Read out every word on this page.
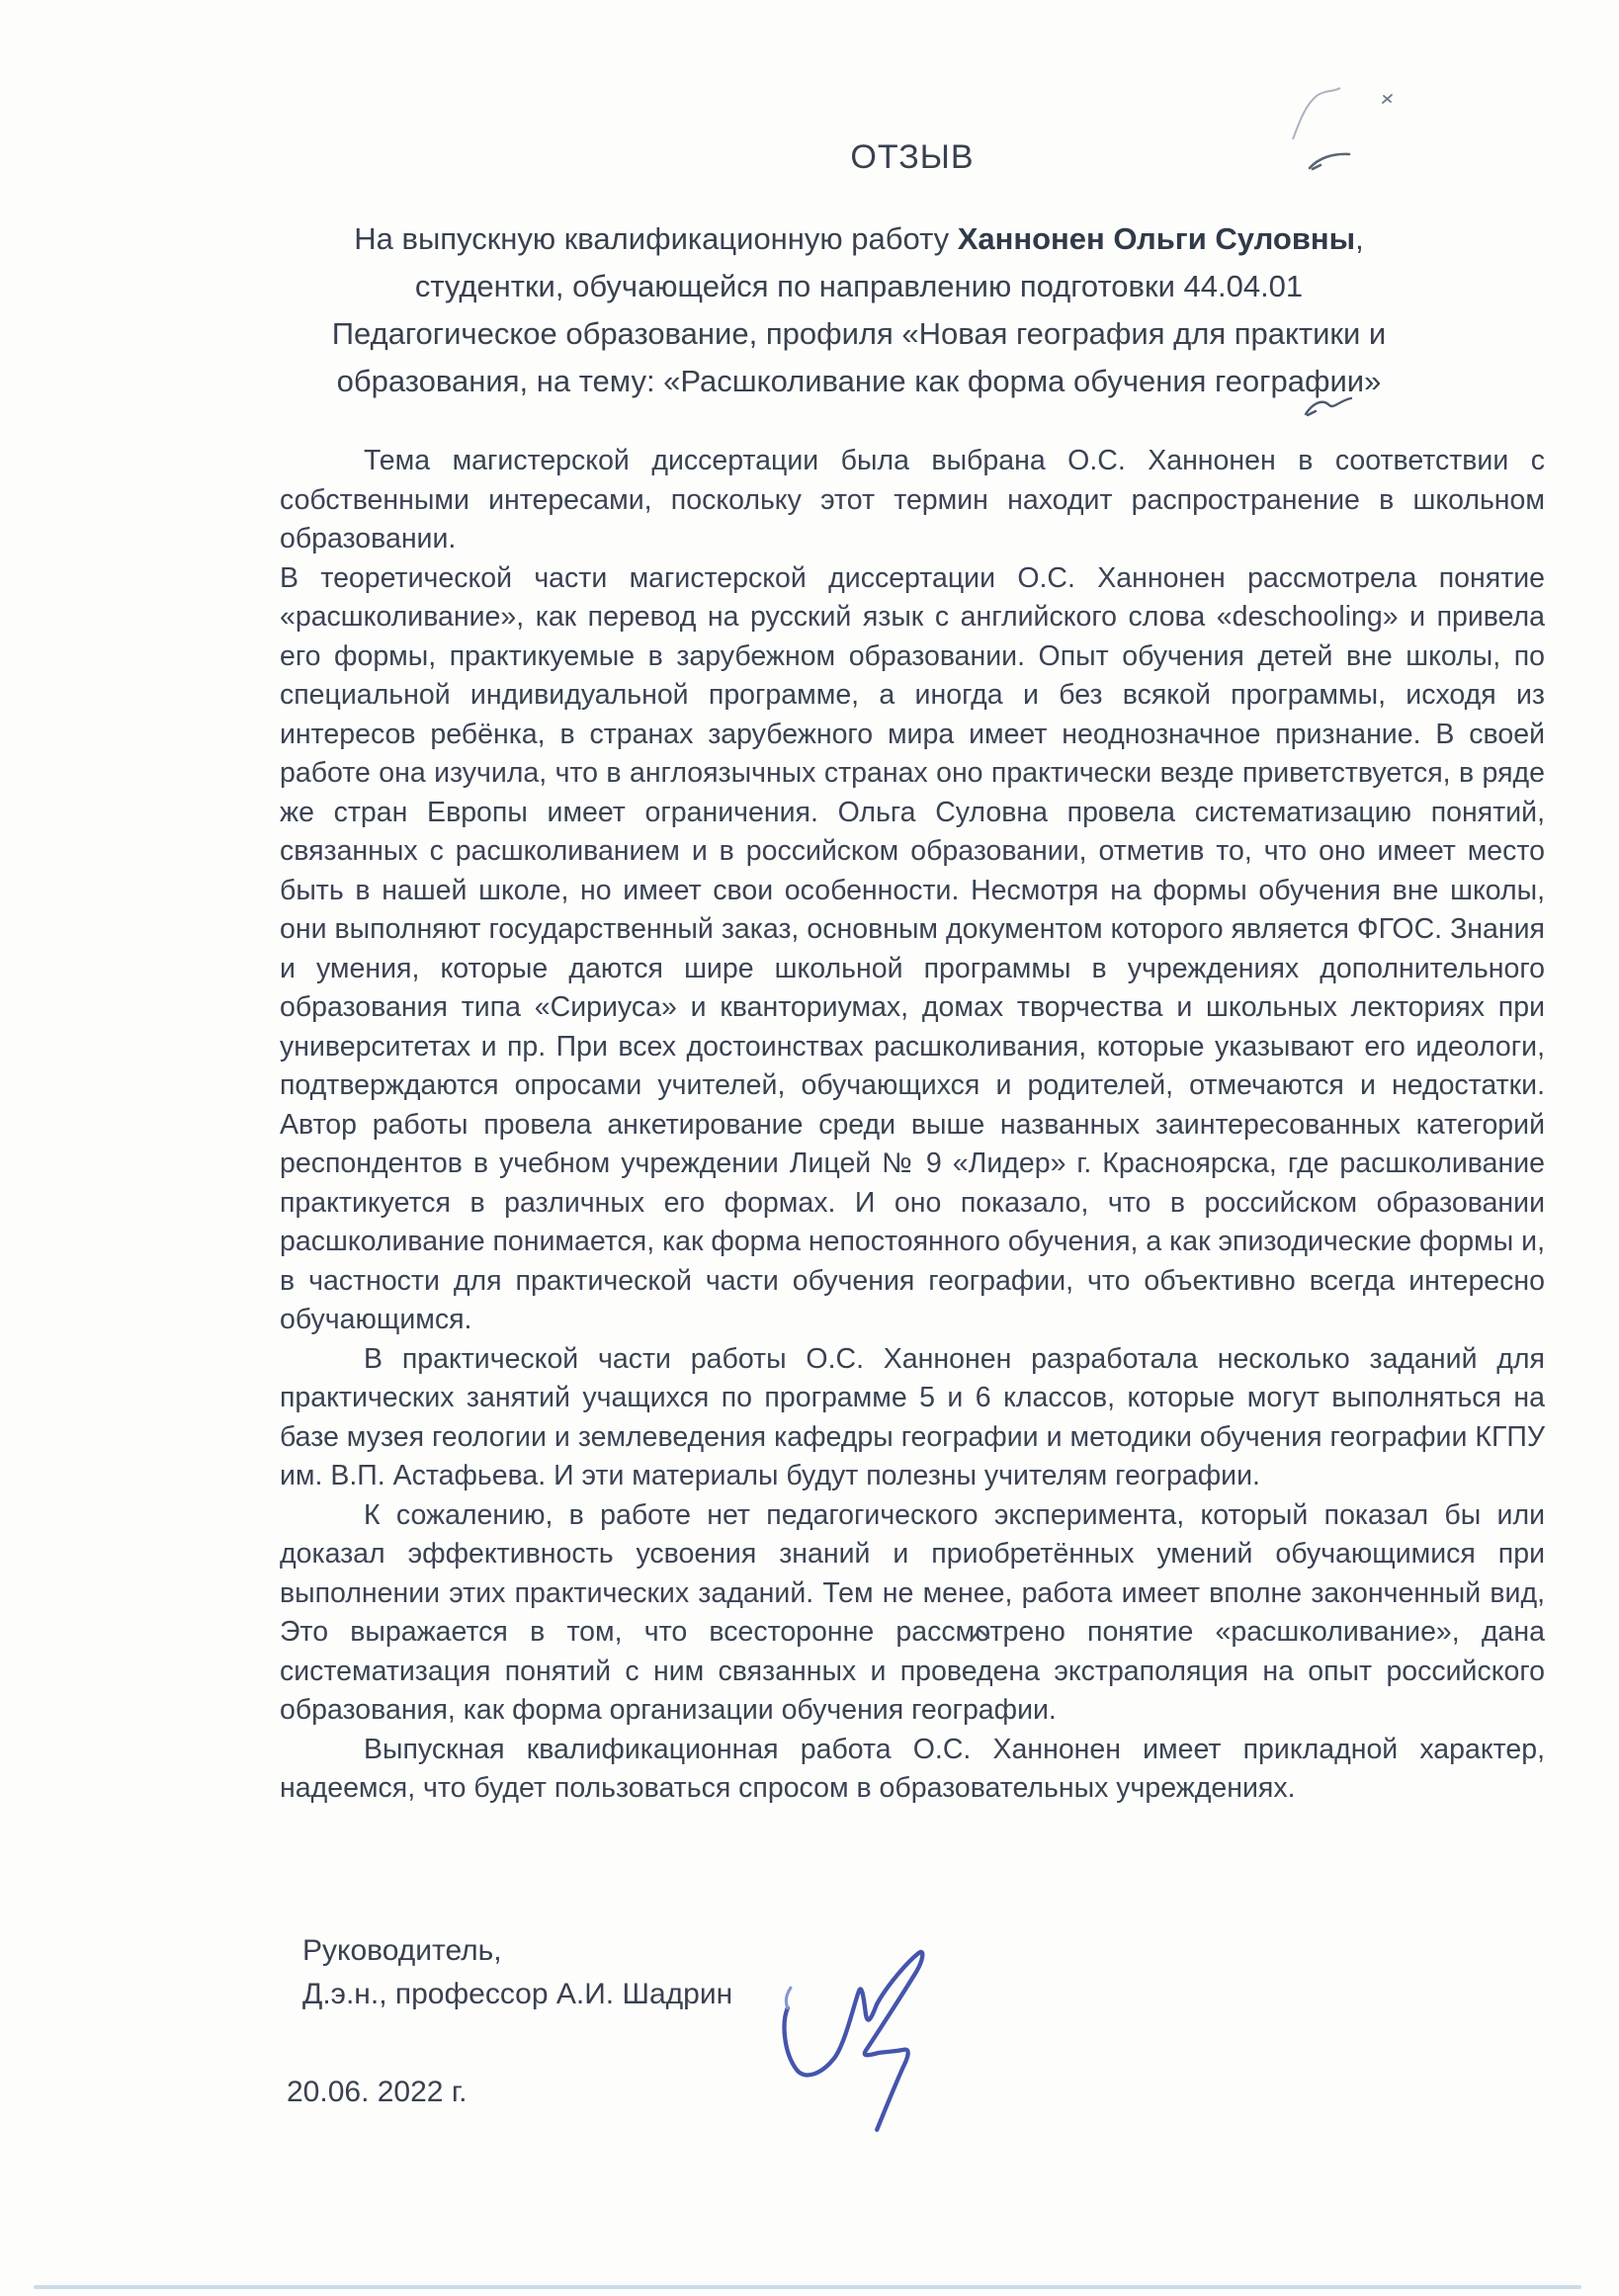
ОТЗЫВ
На выпускную квалификационную работу Ханнонен Ольги Суловны,
студентки, обучающейся по направлению подготовки 44.04.01
Педагогическое образование, профиля «Новая география для практики и
образования, на тему: «Расшколивание как форма обучения географии»

Тема магистерской диссертации была выбрана О.С. Ханнонен в соответствии с собственными интересами, поскольку этот термин находит распространение в школьном образовании.

В теоретической части магистерской диссертации О.С. Ханнонен рассмотрела понятие «расшколивание», как перевод на русский язык с английского слова «deschooling» и привела его формы, практикуемые в зарубежном образовании. Опыт обучения детей вне школы, по специальной индивидуальной программе, а иногда и без всякой программы, исходя из интересов ребёнка, в странах зарубежного мира имеет неоднозначное признание. В своей работе она изучила, что в англоязычных странах оно практически везде приветствуется, в ряде же стран Европы имеет ограничения. Ольга Суловна провела систематизацию понятий, связанных с расшколиванием и в российском образовании, отметив то, что оно имеет место быть в нашей школе, но имеет свои особенности. Несмотря на формы обучения вне школы, они выполняют государственный заказ, основным документом которого является ФГОС. Знания и умения, которые даются шире школьной программы в учреждениях дополнительного образования типа «Сириуса» и кванториумах, домах творчества и школьных лекториях при университетах и пр. При всех достоинствах расшколивания, которые указывают его идеологи, подтверждаются опросами учителей, обучающихся и родителей, отмечаются и недостатки. Автор работы провела анкетирование среди выше названных заинтересованных категорий респондентов в учебном учреждении Лицей № 9 «Лидер» г. Красноярска, где расшколивание практикуется в различных его формах. И оно показало, что в российском образовании расшколивание понимается, как форма непостоянного обучения, а как эпизодические формы и, в частности для практической части обучения географии, что объективно всегда интересно обучающимся.

В практической части работы О.С. Ханнонен разработала несколько заданий для практических занятий учащихся по программе 5 и 6 классов, которые могут выполняться на базе музея геологии и землеведения кафедры географии и методики обучения географии КГПУ им. В.П. Астафьева. И эти материалы будут полезны учителям географии.

К сожалению, в работе нет педагогического эксперимента, который показал бы или доказал эффективность усвоения знаний и приобретённых умений обучающимися при выполнении этих практических заданий. Тем не менее, работа имеет вполне законченный вид, Это выражается в том, что всесторонне рассмотрено понятие «расшколивание», дана систематизация понятий с ним связанных и проведена экстраполяция на опыт российского образования, как форма организации обучения географии.

Выпускная квалификационная работа О.С. Ханнонен имеет прикладной характер, надеемся, что будет пользоваться спросом в образовательных учреждениях.

Руководитель,
Д.э.н., профессор А.И. Шадрин
20.06. 2022 г.
